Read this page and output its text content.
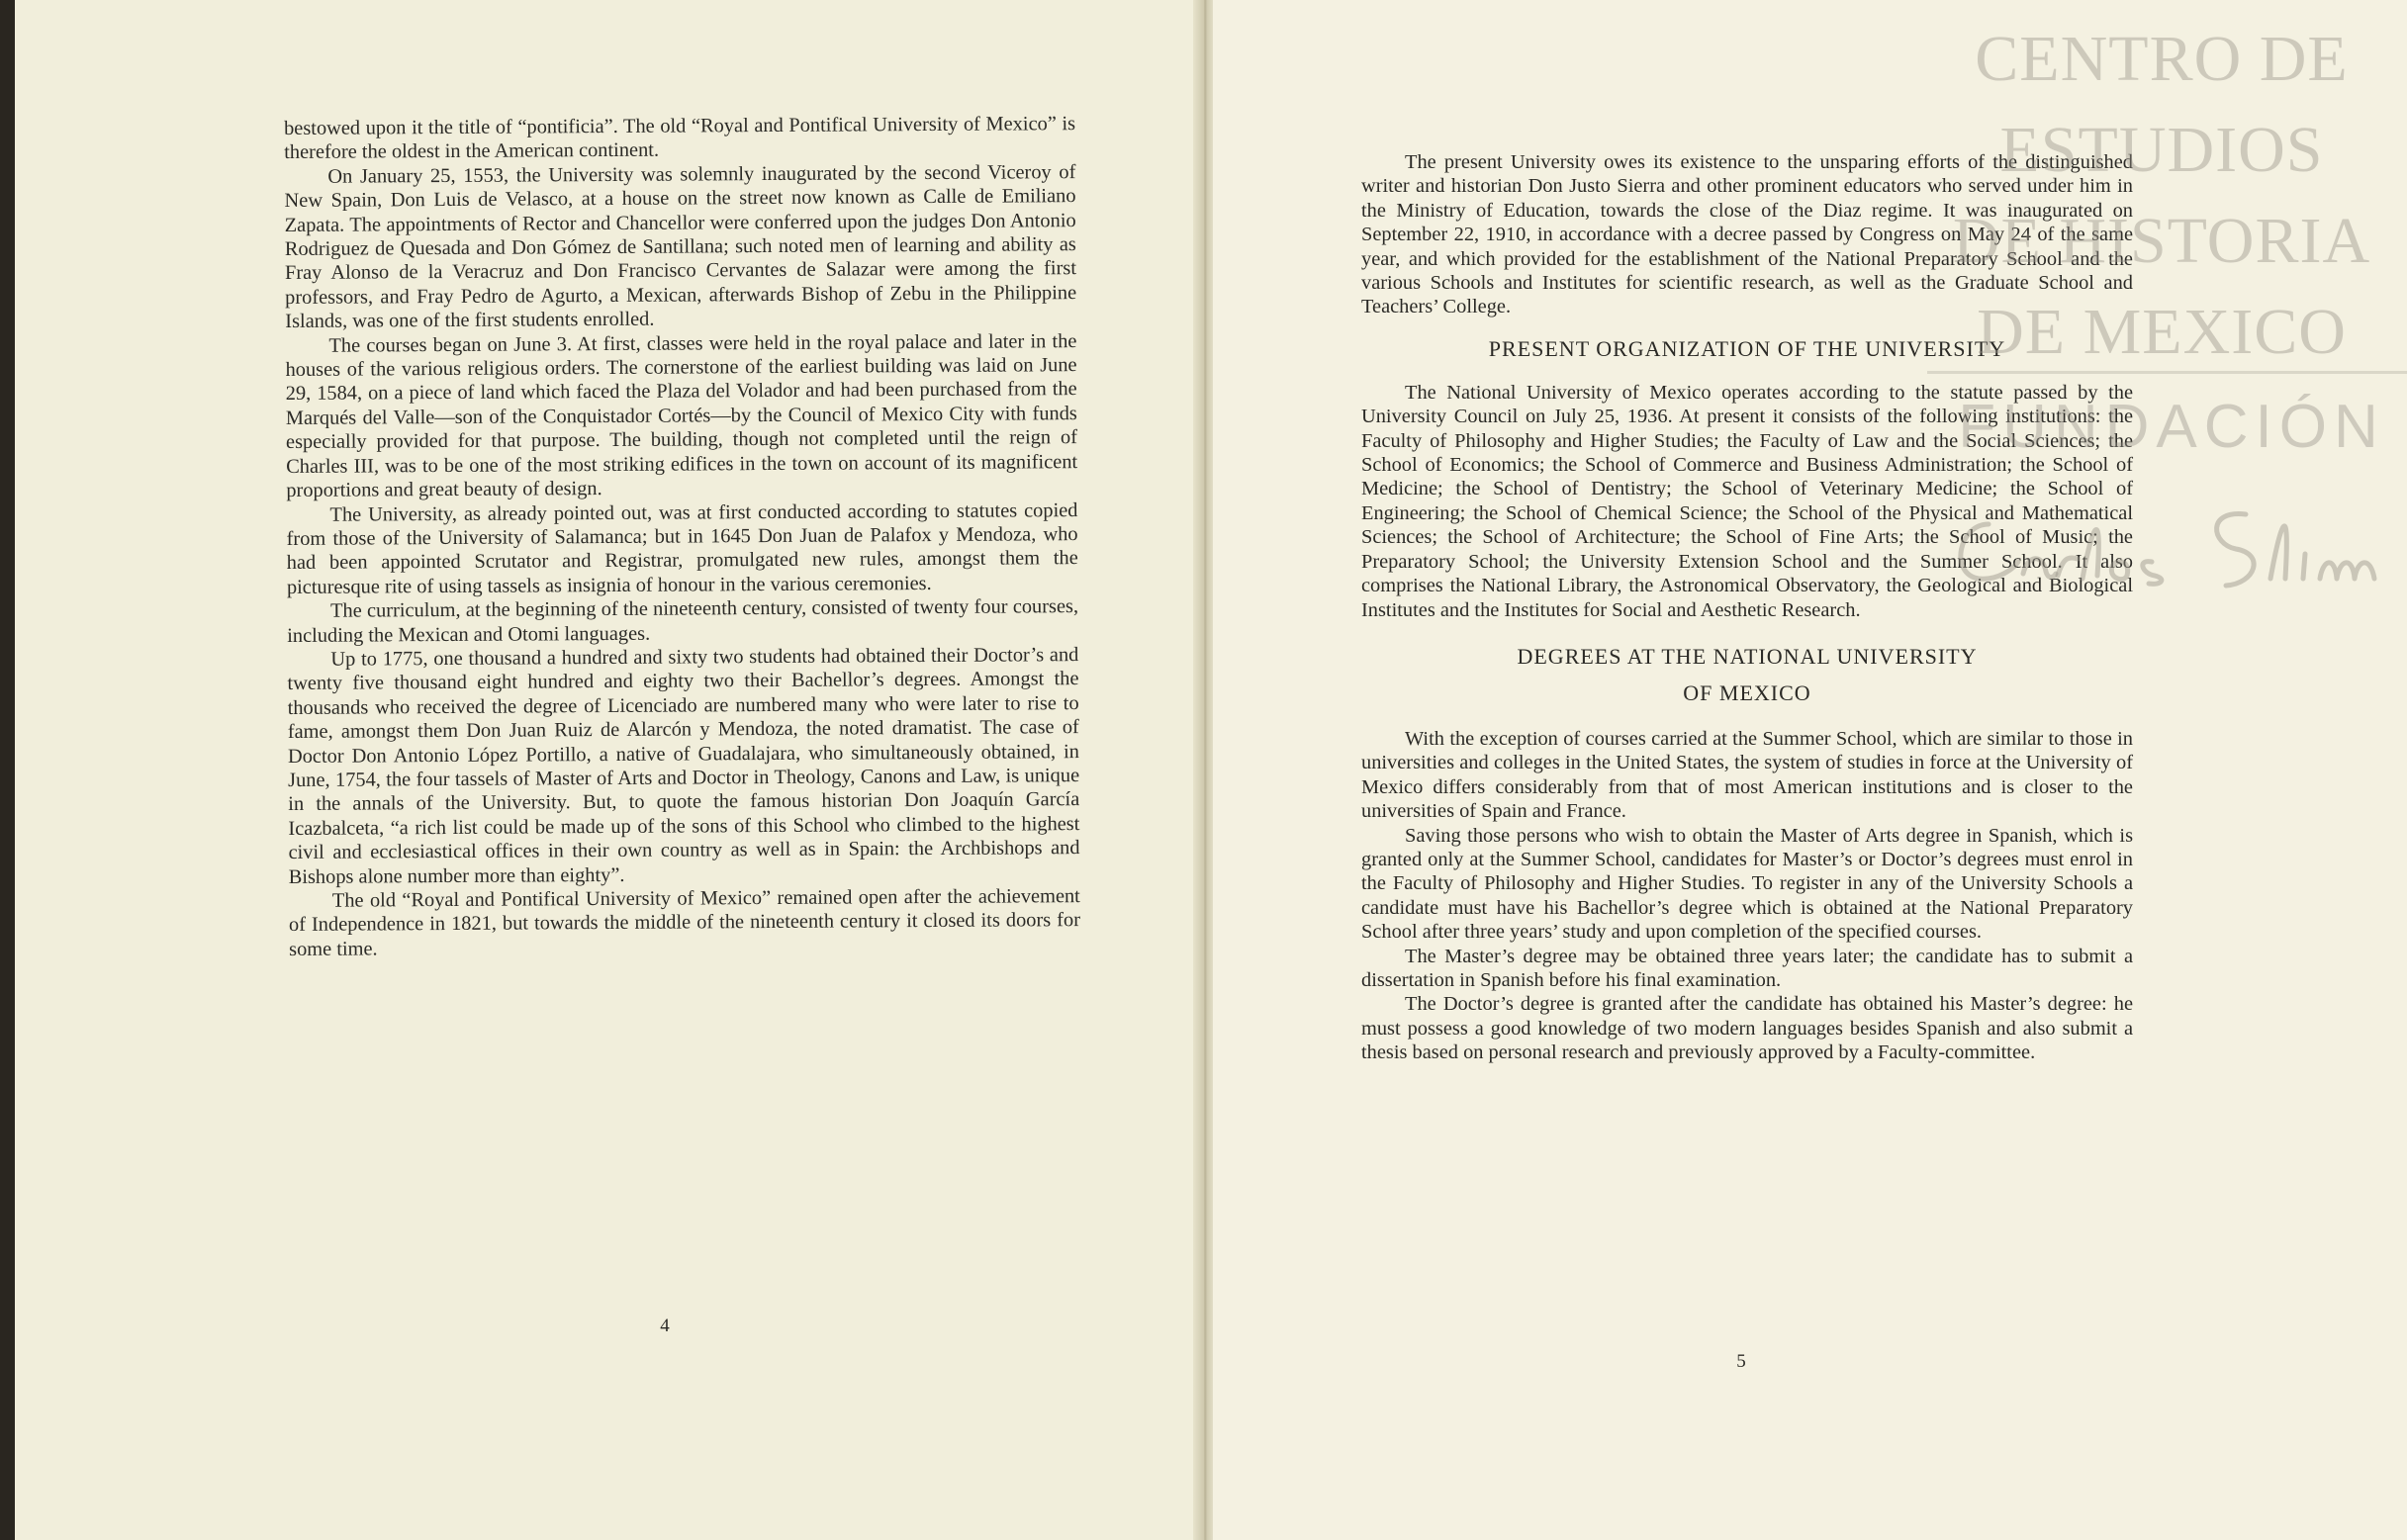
bestowed upon it the title of “pontificia”. The old “Royal and Pontifical University of Mexico” is therefore the oldest in the American continent.

On January 25, 1553, the University was solemnly inaugurated by the second Viceroy of New Spain, Don Luis de Velasco, at a house on the street now known as Calle de Emiliano Zapata. The appointments of Rector and Chancellor were conferred upon the judges Don Antonio Rodriguez de Quesada and Don Gómez de Santillana; such noted men of learning and ability as Fray Alonso de la Veracruz and Don Francisco Cervantes de Salazar were among the first professors, and Fray Pedro de Agurto, a Mexican, afterwards Bishop of Zebu in the Philippine Islands, was one of the first students enrolled.

The courses began on June 3. At first, classes were held in the royal palace and later in the houses of the various religious orders. The cornerstone of the earliest building was laid on June 29, 1584, on a piece of land which faced the Plaza del Volador and had been purchased from the Marqués del Valle—son of the Conquistador Cortés—by the Council of Mexico City with funds especially provided for that purpose. The building, though not completed until the reign of Charles III, was to be one of the most striking edifices in the town on account of its magnificent proportions and great beauty of design.

The University, as already pointed out, was at first conducted according to statutes copied from those of the University of Salamanca; but in 1645 Don Juan de Palafox y Mendoza, who had been appointed Scrutator and Registrar, promulgated new rules, amongst them the picturesque rite of using tassels as insignia of honour in the various ceremonies.

The curriculum, at the beginning of the nineteenth century, consisted of twenty four courses, including the Mexican and Otomi languages.

Up to 1775, one thousand a hundred and sixty two students had obtained their Doctor’s and twenty five thousand eight hundred and eighty two their Bachellor’s degrees. Amongst the thousands who received the degree of Licenciado are numbered many who were later to rise to fame, amongst them Don Juan Ruiz de Alarcón y Mendoza, the noted dramatist. The case of Doctor Don Antonio López Portillo, a native of Guadalajara, who simultaneously obtained, in June, 1754, the four tassels of Master of Arts and Doctor in Theology, Canons and Law, is unique in the annals of the University. But, to quote the famous historian Don Joaquín García Icazbalceta, “a rich list could be made up of the sons of this School who climbed to the highest civil and ecclesiastical offices in their own country as well as in Spain: the Archbishops and Bishops alone number more than eighty”.

The old “Royal and Pontifical University of Mexico” remained open after the achievement of Independence in 1821, but towards the middle of the nineteenth century it closed its doors for some time.

4

The present University owes its existence to the unsparing efforts of the distinguished writer and historian Don Justo Sierra and other prominent educators who served under him in the Ministry of Education, towards the close of the Diaz regime. It was inaugurated on September 22, 1910, in accordance with a decree passed by Congress on May 24 of the same year, and which provided for the establishment of the National Preparatory School and the various Schools and Institutes for scientific research, as well as the Graduate School and Teachers’ College.

PRESENT ORGANIZATION OF THE UNIVERSITY

The National University of Mexico operates according to the statute passed by the University Council on July 25, 1936. At present it consists of the following institutions: the Faculty of Philosophy and Higher Studies; the Faculty of Law and the Social Sciences; the School of Economics; the School of Commerce and Business Administration; the School of Medicine; the School of Dentistry; the School of Veterinary Medicine; the School of Engineering; the School of Chemical Science; the School of the Physical and Mathematical Sciences; the School of Architecture; the School of Fine Arts; the School of Music; the Preparatory School; the University Extension School and the Summer School. It also comprises the National Library, the Astronomical Observatory, the Geological and Biological Institutes and the Institutes for Social and Aesthetic Research.

DEGREES AT THE NATIONAL UNIVERSITY
OF MEXICO

With the exception of courses carried at the Summer School, which are similar to those in universities and colleges in the United States, the system of studies in force at the University of Mexico differs considerably from that of most American institutions and is closer to the universities of Spain and France.

Saving those persons who wish to obtain the Master of Arts degree in Spanish, which is granted only at the Summer School, candidates for Master’s or Doctor’s degrees must enrol in the Faculty of Philosophy and Higher Studies. To register in any of the University Schools a candidate must have his Bachellor’s degree which is obtained at the National Preparatory School after three years’ study and upon completion of the specified courses.

The Master’s degree may be obtained three years later; the candidate has to submit a dissertation in Spanish before his final examination.

The Doctor’s degree is granted after the candidate has obtained his Master’s degree: he must possess a good knowledge of two modern languages besides Spanish and also submit a thesis based on personal research and previously approved by a Faculty-committee.

5
CENTRO DE
ESTUDIOS
DE HISTORIA
DE MEXICO
FUNDACIÓN
